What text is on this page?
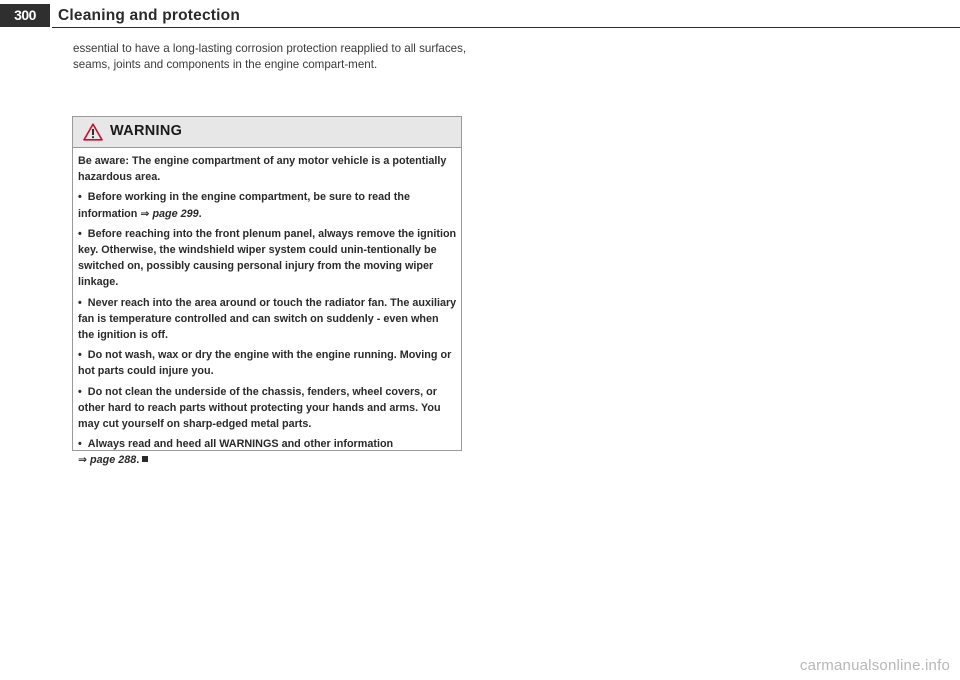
300	Cleaning and protection

essential to have a long-lasting corrosion protection reapplied to all surfaces, seams, joints and components in the engine compart-ment.

WARNING

Be aware: The engine compartment of any motor vehicle is a potentially hazardous area.

• Before working in the engine compartment, be sure to read the information ⇒ page 299.

• Before reaching into the front plenum panel, always remove the ignition key. Otherwise, the windshield wiper system could unin-tentionally be switched on, possibly causing personal injury from the moving wiper linkage.

• Never reach into the area around or touch the radiator fan. The auxiliary fan is temperature controlled and can switch on suddenly - even when the ignition is off.

• Do not wash, wax or dry the engine with the engine running. Moving or hot parts could injure you.

• Do not clean the underside of the chassis, fenders, wheel covers, or other hard to reach parts without protecting your hands and arms. You may cut yourself on sharp-edged metal parts.

• Always read and heed all WARNINGS and other information
⇒ page 288.

carmanualsonline.info
